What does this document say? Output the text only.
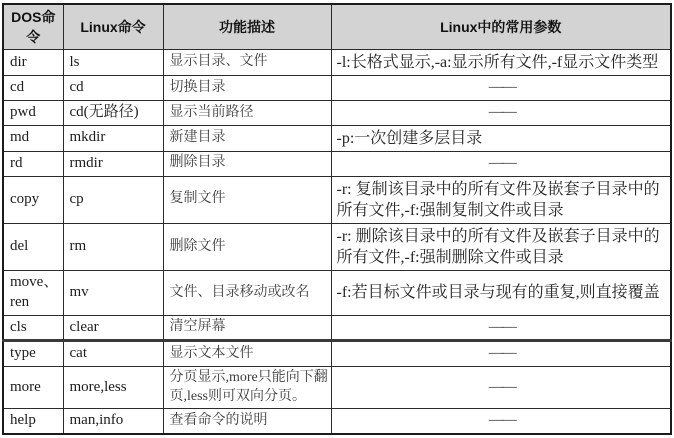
DOS命令	Linux命令	功能描述	Linux中的常用参数
dir	ls	显示目录、文件	-l:长格式显示,-a:显示所有文件,-f显示文件类型
cd	cd	切换目录	——
pwd	cd(无路径)	显示当前路径	——
md	mkdir	新建目录	-p:一次创建多层目录
rd	rmdir	删除目录	——
copy	cp	复制文件	-r: 复制该目录中的所有文件及嵌套子目录中的所有文件,-f:强制复制文件或目录
del	rm	删除文件	-r: 删除该目录中的所有文件及嵌套子目录中的所有文件,-f:强制删除文件或目录
move、ren	mv	文件、目录移动或改名	-f:若目标文件或目录与现有的重复,则直接覆盖
cls	clear	清空屏幕	——
type	cat	显示文本文件	——
more	more,less	分页显示,more只能向下翻页,less则可双向分页。	——
help	man,info	查看命令的说明	——
